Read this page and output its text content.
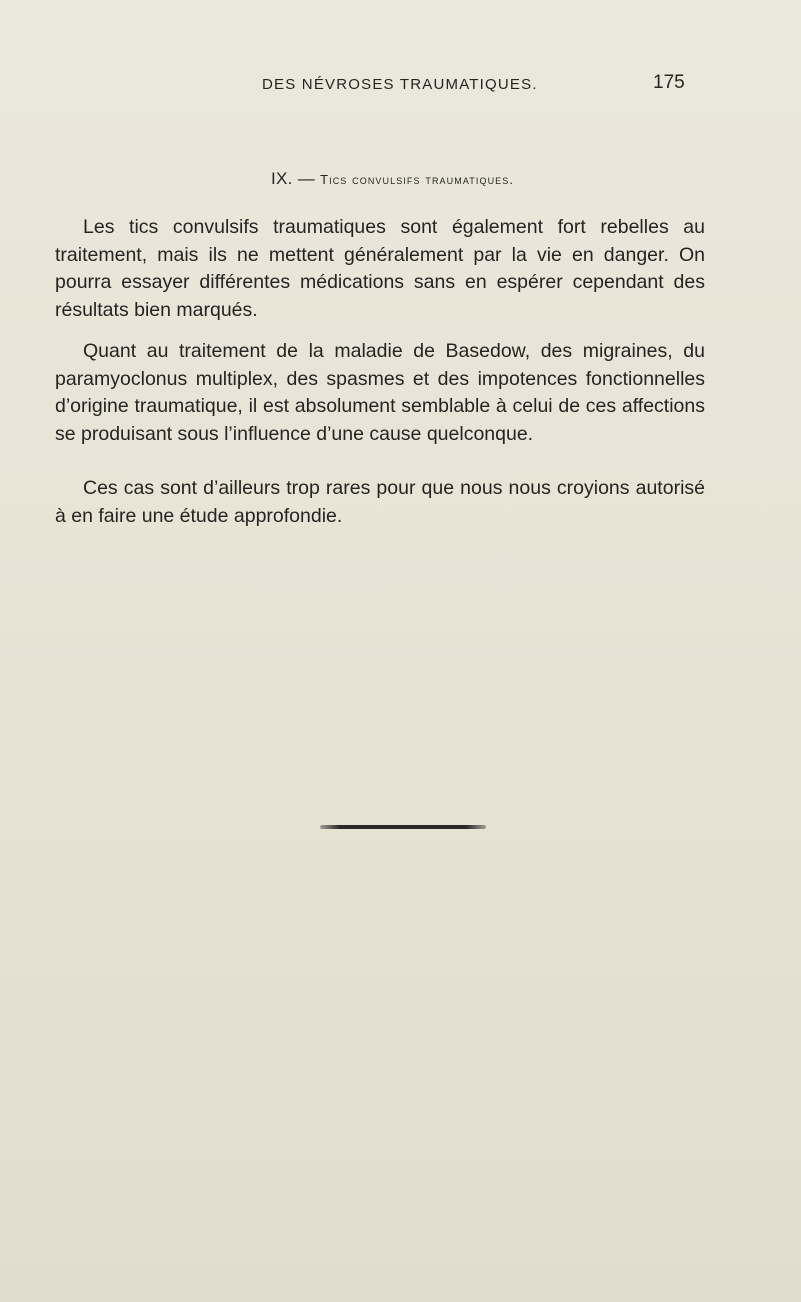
DES NÉVROSES TRAUMATIQUES.	175
IX. — Tics convulsifs traumatiques.

Les tics convulsifs traumatiques sont également fort rebelles au traitement, mais ils ne mettent généralement par la vie en danger. On pourra essayer différentes médications sans en espérer cependant des résultats bien marqués.

Quant au traitement de la maladie de Basedow, des migraines, du paramyoclonus multiplex, des spasmes et des impotences fonctionnelles d’origine traumatique, il est absolument semblable à celui de ces affections se produisant sous l’influence d’une cause quelconque.

Ces cas sont d’ailleurs trop rares pour que nous nous croyions autorisé à en faire une étude approfondie.
